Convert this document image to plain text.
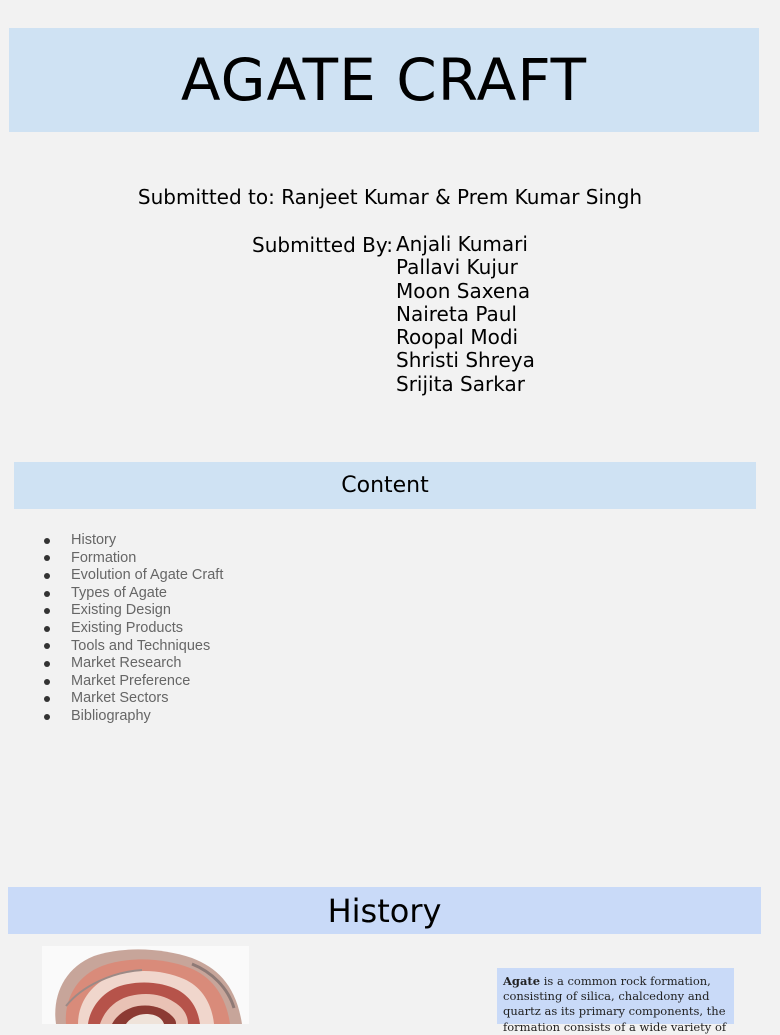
AGATE CRAFT
Submitted to: Ranjeet Kumar & Prem Kumar Singh
Submitted By: Anjali Kumari
Pallavi Kujur
Moon Saxena
Naireta Paul
Roopal Modi
Shristi Shreya
Srijita Sarkar
Content
History
Formation
Evolution of Agate Craft
Types of Agate
Existing Design
Existing Products
Tools and Techniques
Market Research
Market Preference
Market Sectors
Bibliography
History

Agate is a common rock formation, consisting of silica, chalcedony and quartz as its primary components, the formation consists of a wide variety of
